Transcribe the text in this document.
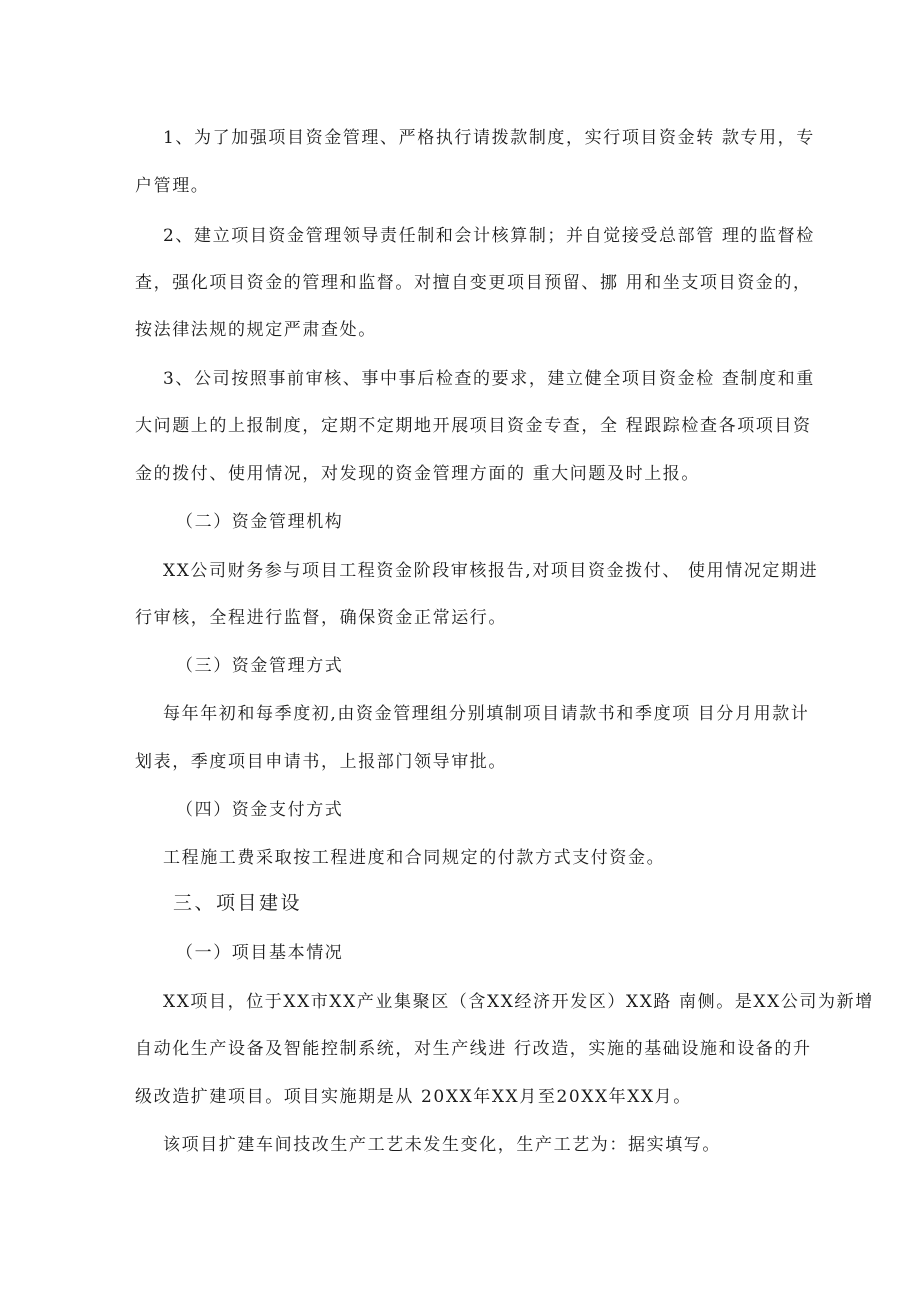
1、为了加强项目资金管理、严格执行请拨款制度，实行项目资金转 款专用，专

户管理。

2、建立项目资金管理领导责任制和会计核算制；并自觉接受总部管 理的监督检

查，强化项目资金的管理和监督。对擅自变更项目预留、挪 用和坐支项目资金的，

按法律法规的规定严肃查处。

3、公司按照事前审核、事中事后检查的要求，建立健全项目资金检 查制度和重

大问题上的上报制度，定期不定期地开展项目资金专查，全 程跟踪检查各项项目资

金的拨付、使用情况，对发现的资金管理方面的 重大问题及时上报。

（二）资金管理机构

XX公司财务参与项目工程资金阶段审核报告,对项目资金拨付、 使用情况定期进

行审核，全程进行监督，确保资金正常运行。

（三）资金管理方式

每年年初和每季度初,由资金管理组分别填制项目请款书和季度项 目分月用款计

划表，季度项目申请书，上报部门领导审批。

（四）资金支付方式

工程施工费采取按工程进度和合同规定的付款方式支付资金。

三、项目建设

（一）项目基本情况

XX项目，位于XX市XX产业集聚区（含XX经济开发区）XX路 南侧。是XX公司为新增

自动化生产设备及智能控制系统，对生产线进 行改造，实施的基础设施和设备的升

级改造扩建项目。项目实施期是从 20XX年XX月至20XX年XX月。

该项目扩建车间技改生产工艺未发生变化，生产工艺为：据实填写。
